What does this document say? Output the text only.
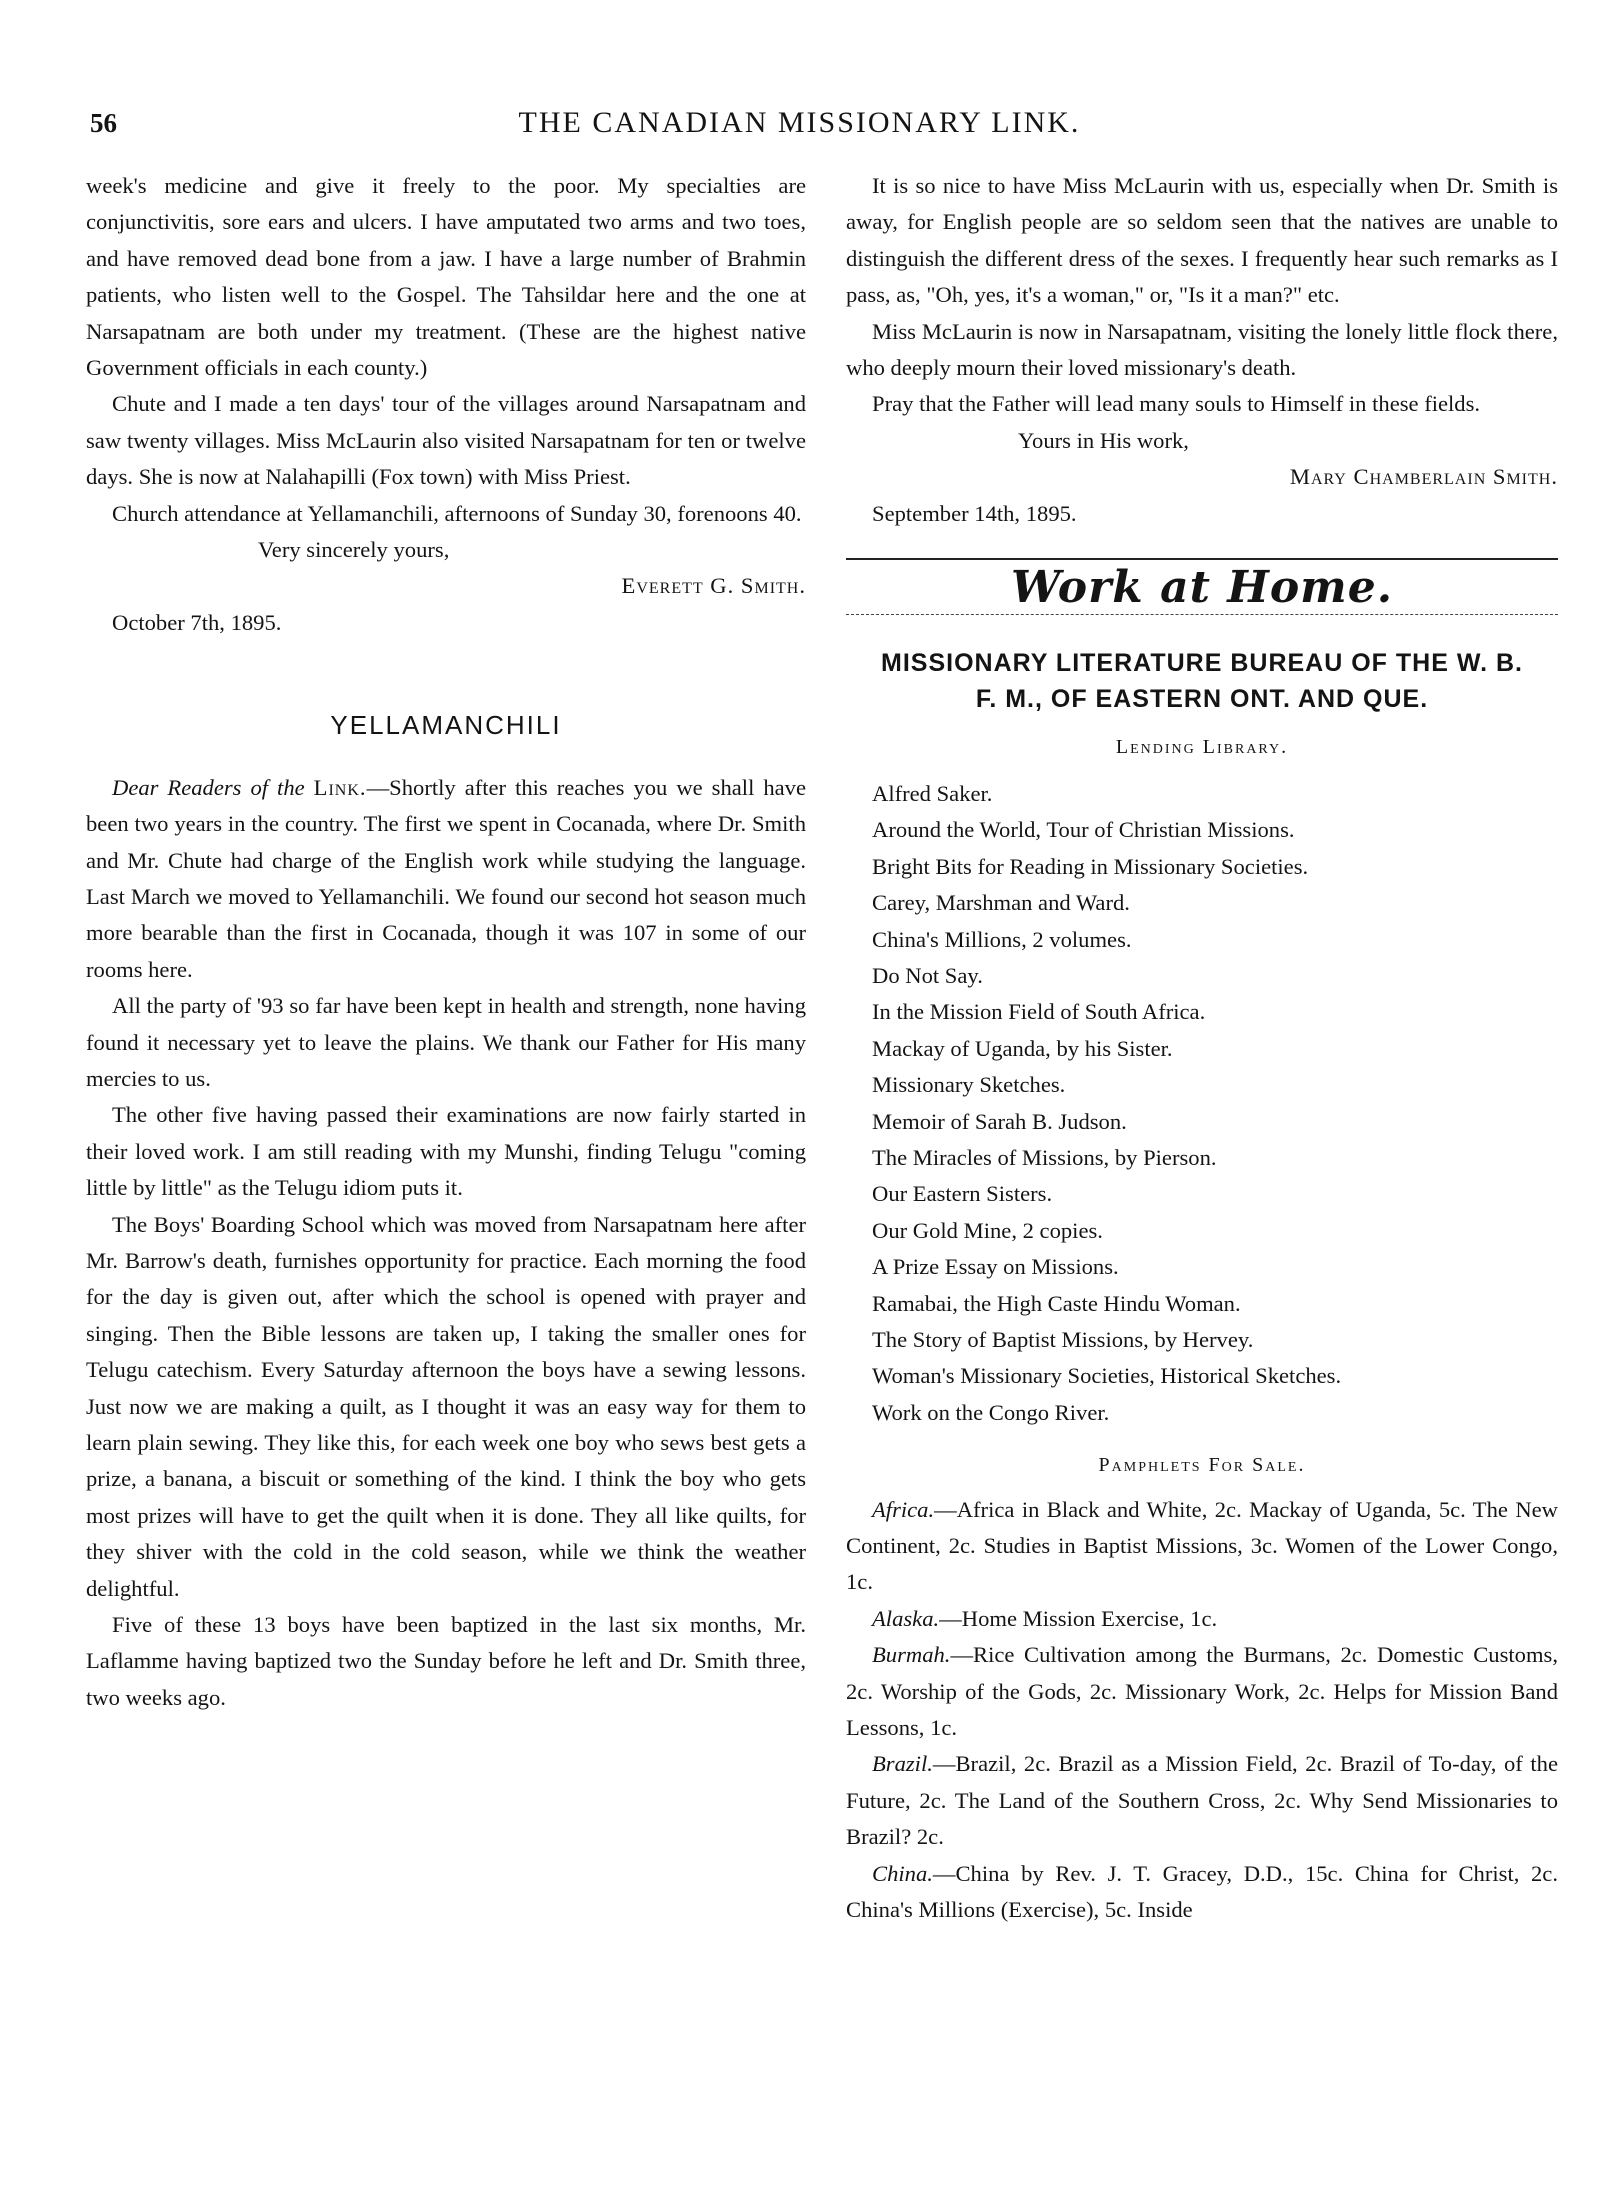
56	THE CANADIAN MISSIONARY LINK.

week's medicine and give it freely to the poor. My specialties are conjunctivitis, sore ears and ulcers. I have amputated two arms and two toes, and have removed dead bone from a jaw. I have a large number of Brahmin patients, who listen well to the Gospel. The Tahsildar here and the one at Narsapatnam are both under my treatment. (These are the highest native Government officials in each county.)

Chute and I made a ten days' tour of the villages around Narsapatnam and saw twenty villages. Miss McLaurin also visited Narsapatnam for ten or twelve days. She is now at Nalahapilli (Fox town) with Miss Priest.

Church attendance at Yellamanchili, afternoons of Sunday 30, forenoons 40.

Very sincerely yours,
Everett G. Smith.
October 7th, 1895.
YELLAMANCHILI

Dear Readers of the Link.—Shortly after this reaches you we shall have been two years in the country. The first we spent in Cocanada, where Dr. Smith and Mr. Chute had charge of the English work while studying the language. Last March we moved to Yellamanchili. We found our second hot season much more bearable than the first in Cocanada, though it was 107 in some of our rooms here.

All the party of '93 so far have been kept in health and strength, none having found it necessary yet to leave the plains. We thank our Father for His many mercies to us.

The other five having passed their examinations are now fairly started in their loved work. I am still reading with my Munshi, finding Telugu "coming little by little" as the Telugu idiom puts it.

The Boys' Boarding School which was moved from Narsapatnam here after Mr. Barrow's death, furnishes opportunity for practice. Each morning the food for the day is given out, after which the school is opened with prayer and singing. Then the Bible lessons are taken up, I taking the smaller ones for Telugu catechism. Every Saturday afternoon the boys have a sewing lessons. Just now we are making a quilt, as I thought it was an easy way for them to learn plain sewing. They like this, for each week one boy who sews best gets a prize, a banana, a biscuit or something of the kind. I think the boy who gets most prizes will have to get the quilt when it is done. They all like quilts, for they shiver with the cold in the cold season, while we think the weather delightful.

Five of these 13 boys have been baptized in the last six months, Mr. Laflamme having baptized two the Sunday before he left and Dr. Smith three, two weeks ago.

It is so nice to have Miss McLaurin with us, especially when Dr. Smith is away, for English people are so seldom seen that the natives are unable to distinguish the different dress of the sexes. I frequently hear such remarks as I pass, as, "Oh, yes, it's a woman," or, "Is it a man?" etc.

Miss McLaurin is now in Narsapatnam, visiting the lonely little flock there, who deeply mourn their loved missionary's death.

Pray that the Father will lead many souls to Himself in these fields.

Yours in His work,
Mary Chamberlain Smith.
September 14th, 1895.
Work at Home.
MISSIONARY LITERATURE BUREAU OF THE W. B.
F. M., OF EASTERN ONT. AND QUE.
Lending Library.
Alfred Saker.
Around the World, Tour of Christian Missions.
Bright Bits for Reading in Missionary Societies.
Carey, Marshman and Ward.
China's Millions, 2 volumes.
Do Not Say.
In the Mission Field of South Africa.
Mackay of Uganda, by his Sister.
Missionary Sketches.
Memoir of Sarah B. Judson.
The Miracles of Missions, by Pierson.
Our Eastern Sisters.
Our Gold Mine, 2 copies.
A Prize Essay on Missions.
Ramabai, the High Caste Hindu Woman.
The Story of Baptist Missions, by Hervey.
Woman's Missionary Societies, Historical Sketches.
Work on the Congo River.
Pamphlets For Sale.

Africa.—Africa in Black and White, 2c. Mackay of Uganda, 5c. The New Continent, 2c. Studies in Baptist Missions, 3c. Women of the Lower Congo, 1c.

Alaska.—Home Mission Exercise, 1c.

Burmah.—Rice Cultivation among the Burmans, 2c. Domestic Customs, 2c. Worship of the Gods, 2c. Missionary Work, 2c. Helps for Mission Band Lessons, 1c.

Brazil.—Brazil, 2c. Brazil as a Mission Field, 2c. Brazil of To-day, of the Future, 2c. The Land of the Southern Cross, 2c. Why Send Missionaries to Brazil? 2c.

China.—China by Rev. J. T. Gracey, D.D., 15c. China for Christ, 2c. China's Millions (Exercise), 5c. Inside
